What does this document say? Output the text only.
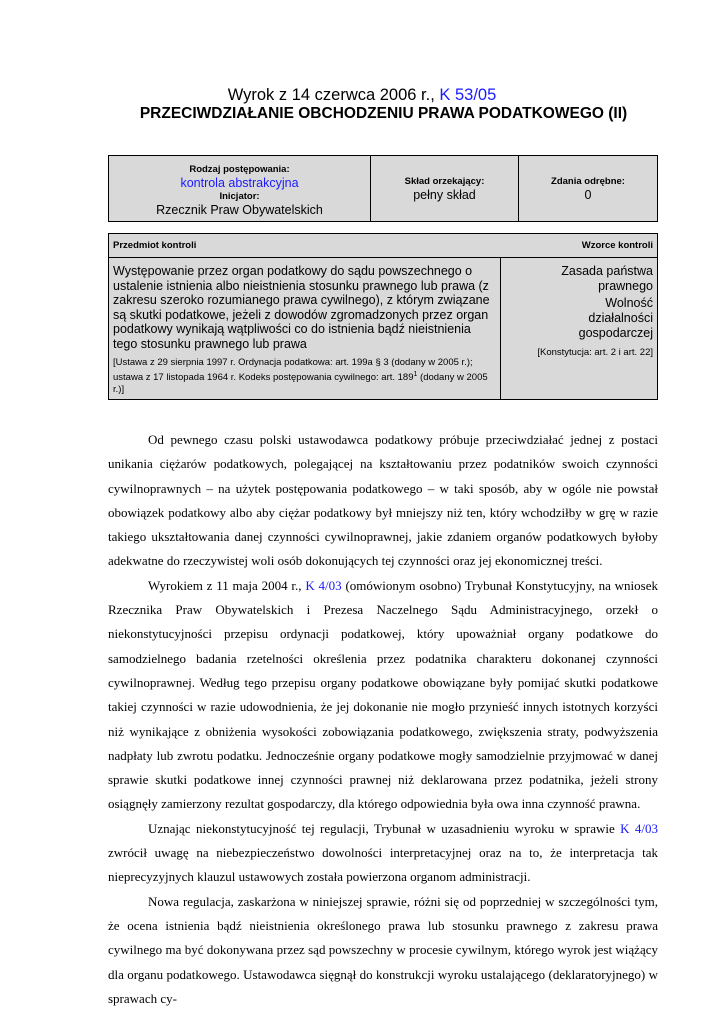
Wyrok z 14 czerwca 2006 r., K 53/05
PRZECIWDZIAŁANIE OBCHODZENIU PRAWA PODATKOWEGO (II)
Rodzaj postępowania:
kontrola abstrakcyjna
Inicjator:
Rzecznik Praw Obywatelskich
Skład orzekający:
pełny skład
Zdania odrębne:
0
Przedmiot kontroli	Wzorce kontroli
Występowanie przez organ podatkowy do sądu powszechnego o ustalenie istnienia albo nieistnienia stosunku prawnego lub prawa (z zakresu szeroko rozumianego prawa cywilnego), z którym związane są skutki podatkowe, jeżeli z dowodów zgromadzonych przez organ podatkowy wynikają wątpliwości co do istnienia bądź nieistnienia tego stosunku prawnego lub prawa
[Ustawa z 29 sierpnia 1997 r. Ordynacja podatkowa: art. 199a § 3 (dodany w 2005 r.); ustawa z 17 listopada 1964 r. Kodeks postępowania cywilnego: art. $189^1$ (dodany w 2005 r.)]
Zasada państwa prawnego
Wolność działalności gospodarczej
[Konstytucja: art. 2 i art. 22]

Od pewnego czasu polski ustawodawca podatkowy próbuje przeciwdziałać jednej z postaci unikania ciężarów podatkowych, polegającej na kształtowaniu przez podatników swoich czynności cywilnoprawnych – na użytek postępowania podatkowego – w taki sposób, aby w ogóle nie powstał obowiązek podatkowy albo aby ciężar podatkowy był mniejszy niż ten, który wchodziłby w grę w razie takiego ukształtowania danej czynności cywilnoprawnej, jakie zdaniem organów podatkowych byłoby adekwatne do rzeczywistej woli osób dokonujących tej czynności oraz jej ekonomicznej treści.

Wyrokiem z 11 maja 2004 r., K 4/03 (omówionym osobno) Trybunał Konstytucyjny, na wniosek Rzecznika Praw Obywatelskich i Prezesa Naczelnego Sądu Administracyjnego, orzekł o niekonstytucyjności przepisu ordynacji podatkowej, który upoważniał organy podatkowe do samodzielnego badania rzetelności określenia przez podatnika charakteru dokonanej czynności cywilnoprawnej. Według tego przepisu organy podatkowe obowiązane były pomijać skutki podatkowe takiej czynności w razie udowodnienia, że jej dokonanie nie mogło przynieść innych istotnych korzyści niż wynikające z obniżenia wysokości zobowiązania podatkowego, zwiększenia straty, podwyższenia nadpłaty lub zwrotu podatku. Jednocześnie organy podatkowe mogły samodzielnie przyjmować w danej sprawie skutki podatkowe innej czynności prawnej niż deklarowana przez podatnika, jeżeli strony osiągnęły zamierzony rezultat gospodarczy, dla którego odpowiednia była owa inna czynność prawna.

Uznając niekonstytucyjność tej regulacji, Trybunał w uzasadnieniu wyroku w sprawie K 4/03 zwrócił uwagę na niebezpieczeństwo dowolności interpretacyjnej oraz na to, że interpretacja tak nieprecyzyjnych klauzul ustawowych została powierzona organom administracji.

Nowa regulacja, zaskarżona w niniejszej sprawie, różni się od poprzedniej w szczególności tym, że ocena istnienia bądź nieistnienia określonego prawa lub stosunku prawnego z zakresu prawa cywilnego ma być dokonywana przez sąd powszechny w procesie cywilnym, którego wyrok jest wiążący dla organu podatkowego. Ustawodawca sięgnął do konstrukcji wyroku ustalającego (deklaratoryjnego) w sprawach cy-
